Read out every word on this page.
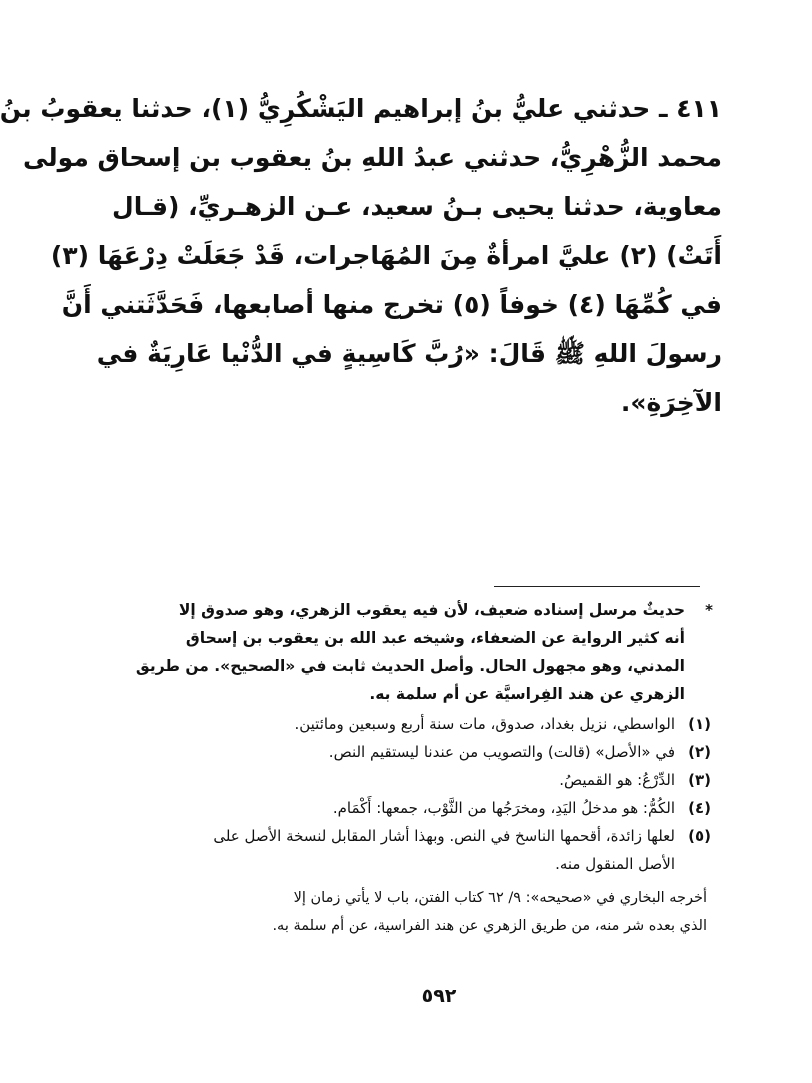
٤١١ ـ حدثني عليُّ بنُ إبراهيم اليَشْكُرِيُّ (١)، حدثنا يعقوبُ بنُ
محمد الزُّهْرِيُّ، حدثني عبدُ اللهِ بنُ يعقوب بن إسحاق مولى
معاوية، حدثنا يحيى بـنُ سعيد، عـن الزهـريِّ، (قـال
أَتَتْ) (٢) عليَّ امرأةٌ مِنَ المُهَاجرات، قَدْ جَعَلَتْ دِرْعَهَا (٣)
في كُمِّهَا (٤) خوفاً (٥) تخرج منها أصابعها، فَحَدَّثَتني أَنَّ
رسولَ اللهِ ﷺ قَالَ: «رُبَّ كَاسِيةٍ في الدُّنْيا عَارِيَةٌ في
الآخِرَةِ».
*
حديثٌ مرسل إسناده ضعيف، لأن فيه يعقوب الزهري، وهو صدوق إلا
أنه كثير الرواية عن الضعفاء، وشيخه عبد الله بن يعقوب بن إسحاق
المدني، وهو مجهول الحال. وأصل الحديث ثابت في «الصحيح». من طريق
الزهري عن هند الفِراسيَّة عن أم سلمة به.
(١)
الواسطي، نزيل بغداد، صدوق، مات سنة أربع وسبعين ومائتين.
(٢)
في «الأصل» (قالت) والتصويب من عندنا ليستقيم النص.
(٣)
الدِّرْعُ: هو القميصُ.
(٤)
الكُمُّ: هو مدخلُ اليَدِ، ومخرَجُها من الثَّوْب، جمعها: أَكْمَام.
(٥)
لعلها زائدة، أقحمها الناسخ في النص. وبهذا أشار المقابل لنسخة الأصل على
الأصل المنقول منه.
أخرجه البخاري في «صحيحه»: ٩/ ٦٢ كتاب الفتن، باب لا يأتي زمان إلا
الذي بعده شر منه، من طريق الزهري عن هند الفراسية، عن أم سلمة به.
٥٩٢
